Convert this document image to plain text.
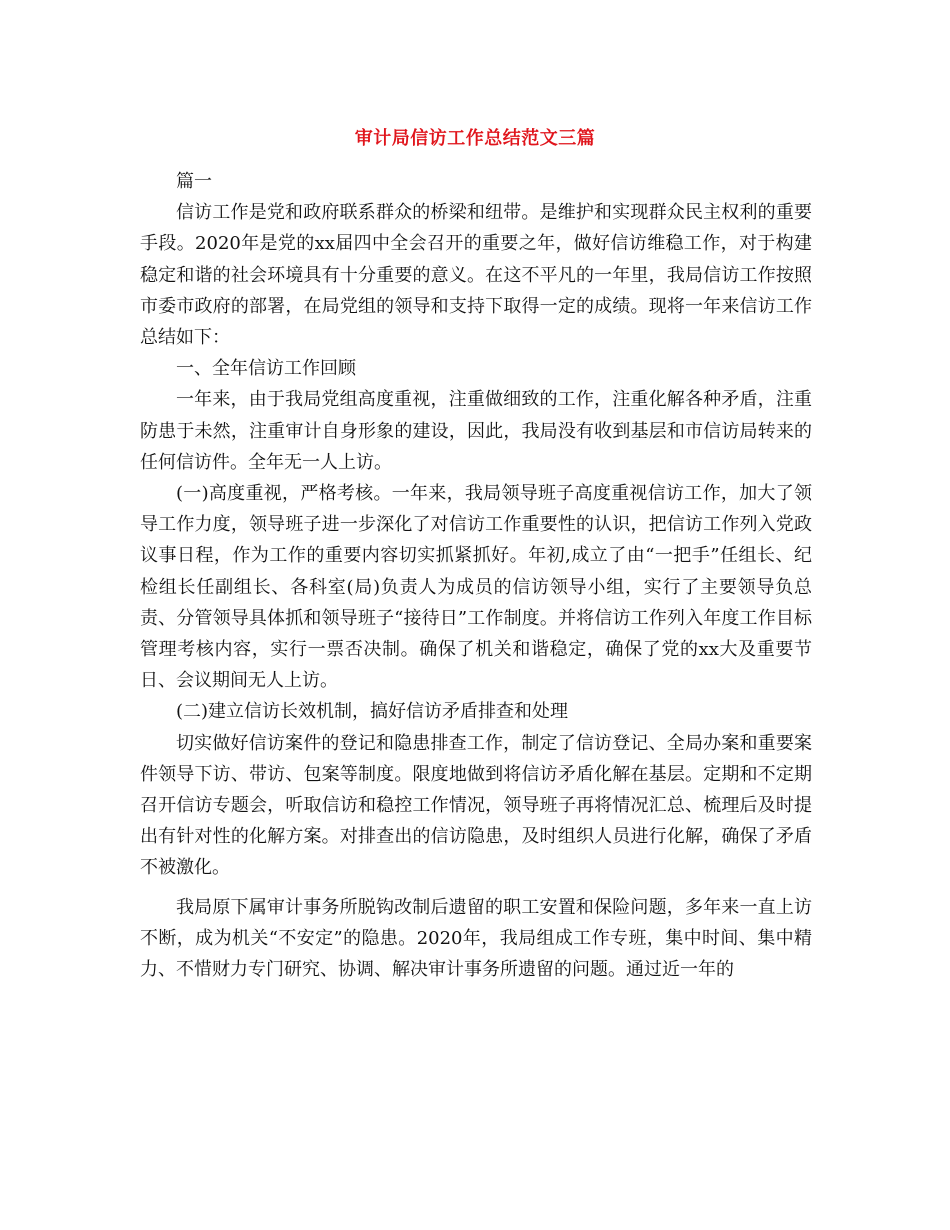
审计局信访工作总结范文三篇

篇一

信访工作是党和政府联系群众的桥梁和纽带。是维护和实现群众民主权利的重要手段。2020年是党的xx届四中全会召开的重要之年，做好信访维稳工作，对于构建稳定和谐的社会环境具有十分重要的意义。在这不平凡的一年里，我局信访工作按照市委市政府的部署，在局党组的领导和支持下取得一定的成绩。现将一年来信访工作总结如下：

一、全年信访工作回顾

一年来，由于我局党组高度重视，注重做细致的工作，注重化解各种矛盾，注重防患于未然，注重审计自身形象的建设，因此，我局没有收到基层和市信访局转来的任何信访件。全年无一人上访。

(一)高度重视，严格考核。一年来，我局领导班子高度重视信访工作，加大了领导工作力度，领导班子进一步深化了对信访工作重要性的认识，把信访工作列入党政议事日程，作为工作的重要内容切实抓紧抓好。年初,成立了由“一把手”任组长、纪检组长任副组长、各科室(局)负责人为成员的信访领导小组，实行了主要领导负总责、分管领导具体抓和领导班子“接待日”工作制度。并将信访工作列入年度工作目标管理考核内容，实行一票否决制。确保了机关和谐稳定，确保了党的xx大及重要节日、会议期间无人上访。

(二)建立信访长效机制，搞好信访矛盾排查和处理

切实做好信访案件的登记和隐患排查工作，制定了信访登记、全局办案和重要案件领导下访、带访、包案等制度。限度地做到将信访矛盾化解在基层。定期和不定期召开信访专题会，听取信访和稳控工作情况，领导班子再将情况汇总、梳理后及时提出有针对性的化解方案。对排查出的信访隐患，及时组织人员进行化解，确保了矛盾不被激化。

我局原下属审计事务所脱钩改制后遗留的职工安置和保险问题，多年来一直上访不断，成为机关“不安定”的隐患。2020年，我局组成工作专班，集中时间、集中精力、不惜财力专门研究、协调、解决审计事务所遗留的问题。通过近一年的
